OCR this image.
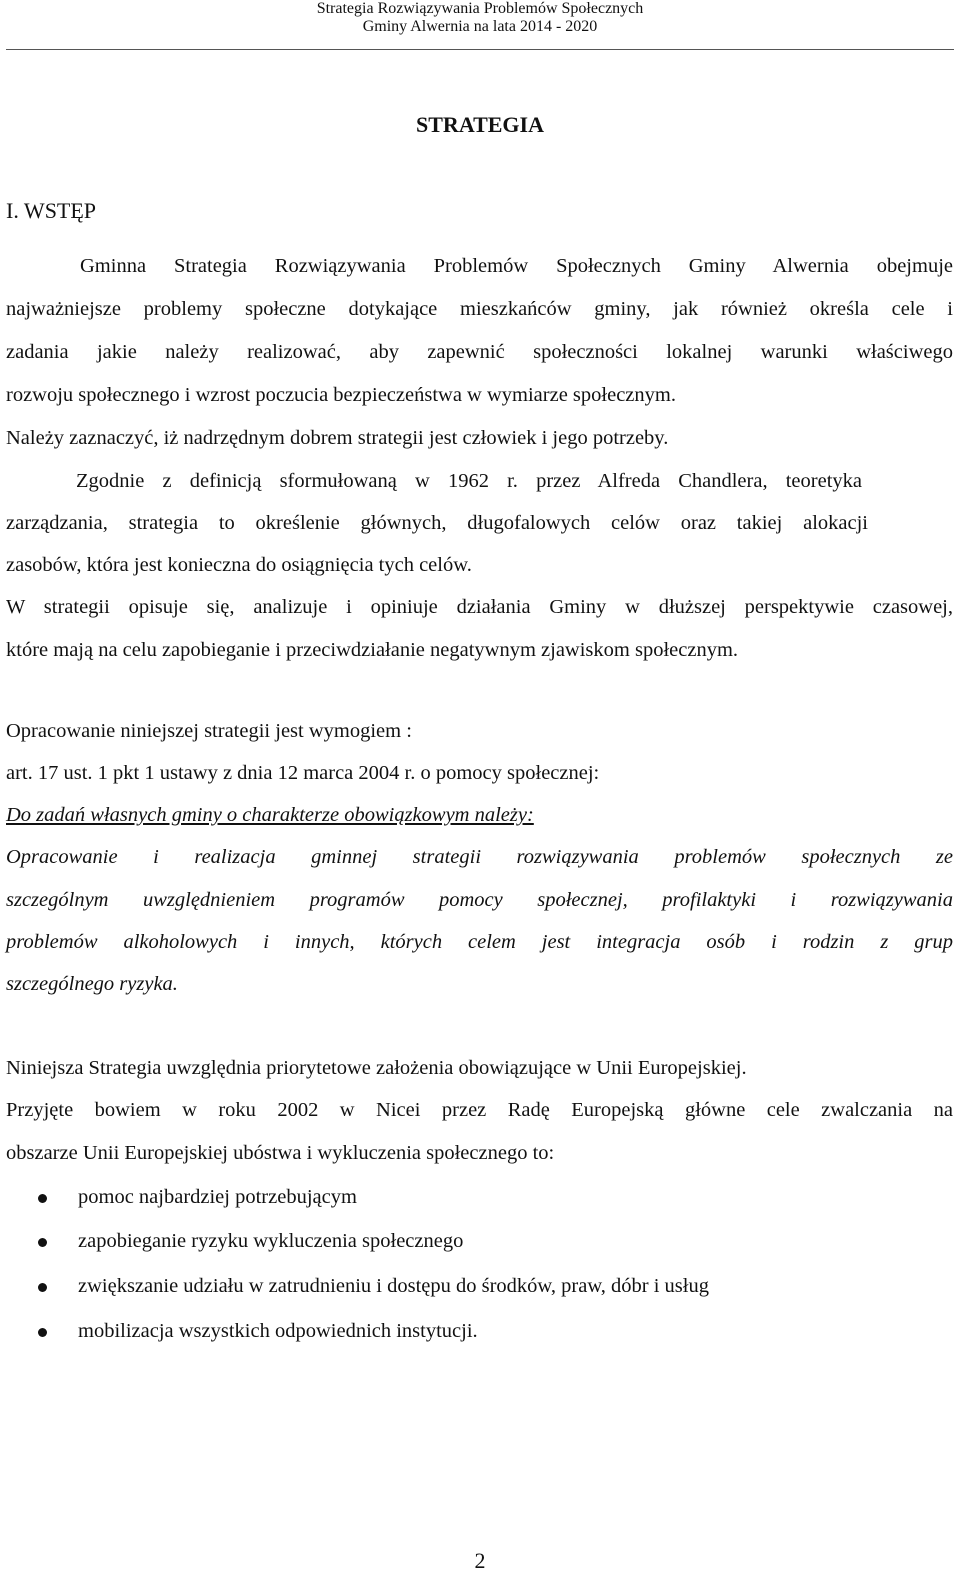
Strategia Rozwiązywania Problemów Społecznych
Gminy Alwernia na lata 2014 - 2020
STRATEGIA
I. WSTĘP
Gminna Strategia Rozwiązywania Problemów Społecznych Gminy Alwernia obejmuje
najważniejsze problemy społeczne dotykające mieszkańców gminy, jak również określa cele i
zadania jakie należy realizować, aby zapewnić społeczności lokalnej warunki właściwego
rozwoju społecznego i wzrost poczucia bezpieczeństwa w wymiarze społecznym.
Należy zaznaczyć, iż nadrzędnym dobrem strategii jest człowiek i jego potrzeby.
Zgodnie z definicją sformułowaną w 1962 r. przez Alfreda Chandlera, teoretyka
zarządzania, strategia to określenie głównych, długofalowych celów oraz takiej alokacji
zasobów, która jest konieczna do osiągnięcia tych celów.
W strategii opisuje się, analizuje i opiniuje działania Gminy w dłuższej perspektywie czasowej,
które mają na celu zapobieganie i przeciwdziałanie negatywnym zjawiskom społecznym.
Opracowanie niniejszej strategii jest wymogiem :
art. 17 ust. 1 pkt 1 ustawy z dnia 12 marca 2004 r. o pomocy społecznej:
Do zadań własnych gminy o charakterze obowiązkowym należy:
Opracowanie i realizacja gminnej strategii rozwiązywania problemów społecznych ze
szczególnym uwzględnieniem programów pomocy społecznej, profilaktyki i rozwiązywania
problemów alkoholowych i innych, których celem jest integracja osób i rodzin z grup
szczególnego ryzyka.
Niniejsza Strategia uwzględnia priorytetowe założenia obowiązujące w Unii Europejskiej.
Przyjęte bowiem w roku 2002 w Nicei przez Radę Europejską główne cele zwalczania na
obszarze Unii Europejskiej ubóstwa i wykluczenia społecznego to:
pomoc najbardziej potrzebującym
zapobieganie ryzyku wykluczenia społecznego
zwiększanie udziału w zatrudnieniu i dostępu do środków, praw, dóbr i usług
mobilizacja wszystkich odpowiednich instytucji.
2
